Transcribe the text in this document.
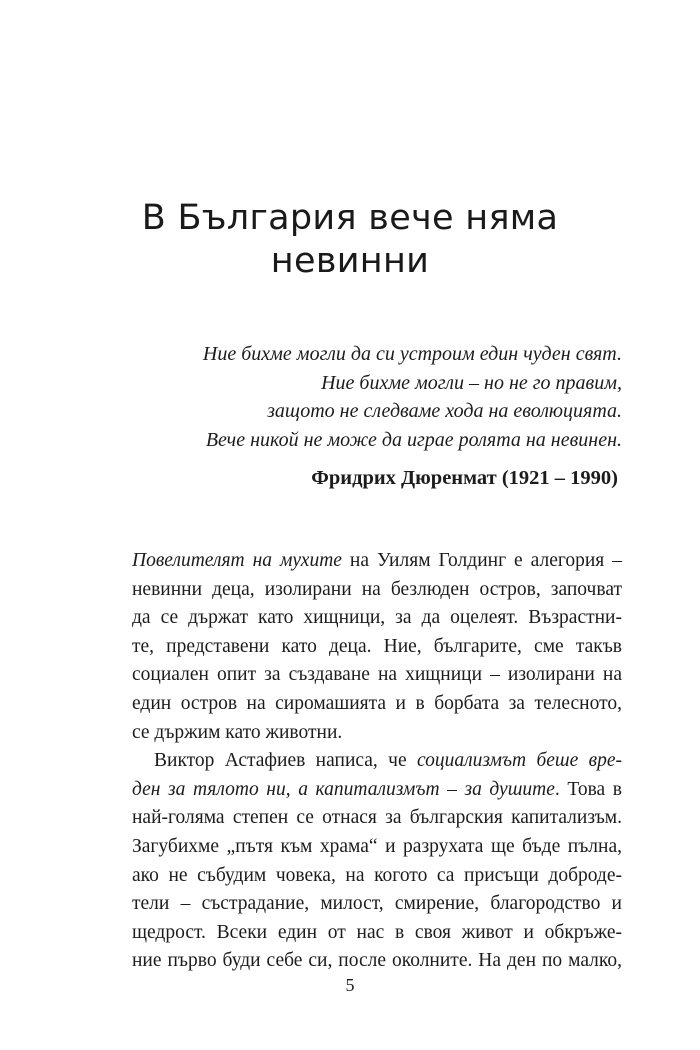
В България вече няма
невинни
Ние бихме могли да си устроим един чуден свят.
Ние бихме могли – но не го правим,
защото не следваме хода на еволюцията.
Вече никой не може да играе ролята на невинен.
Фридрих Дюренмат (1921 – 1990)
Повелителят на мухите на Уилям Голдинг е алегория –
невинни деца, изолирани на безлюден остров, започват
да се държат като хищници, за да оцелеят. Възрастни-
те, представени като деца. Ние, българите, сме такъв
социален опит за създаване на хищници – изолирани на
един остров на сиромашията и в борбата за телесното,
се държим като животни.
Виктор Астафиев написа, че социализмът беше вре-
ден за тялото ни, а капитализмът – за душите. Това в
най-голяма степен се отнася за българския капитализъм.
Загубихме „пътя към храма“ и разрухата ще бъде пълна,
ако не събудим човека, на когото са присъщи доброде-
тели – състрадание, милост, смирение, благородство и
щедрост. Всеки един от нас в своя живот и обкръже-
ние първо буди себе си, после околните. На ден по малко,
5
